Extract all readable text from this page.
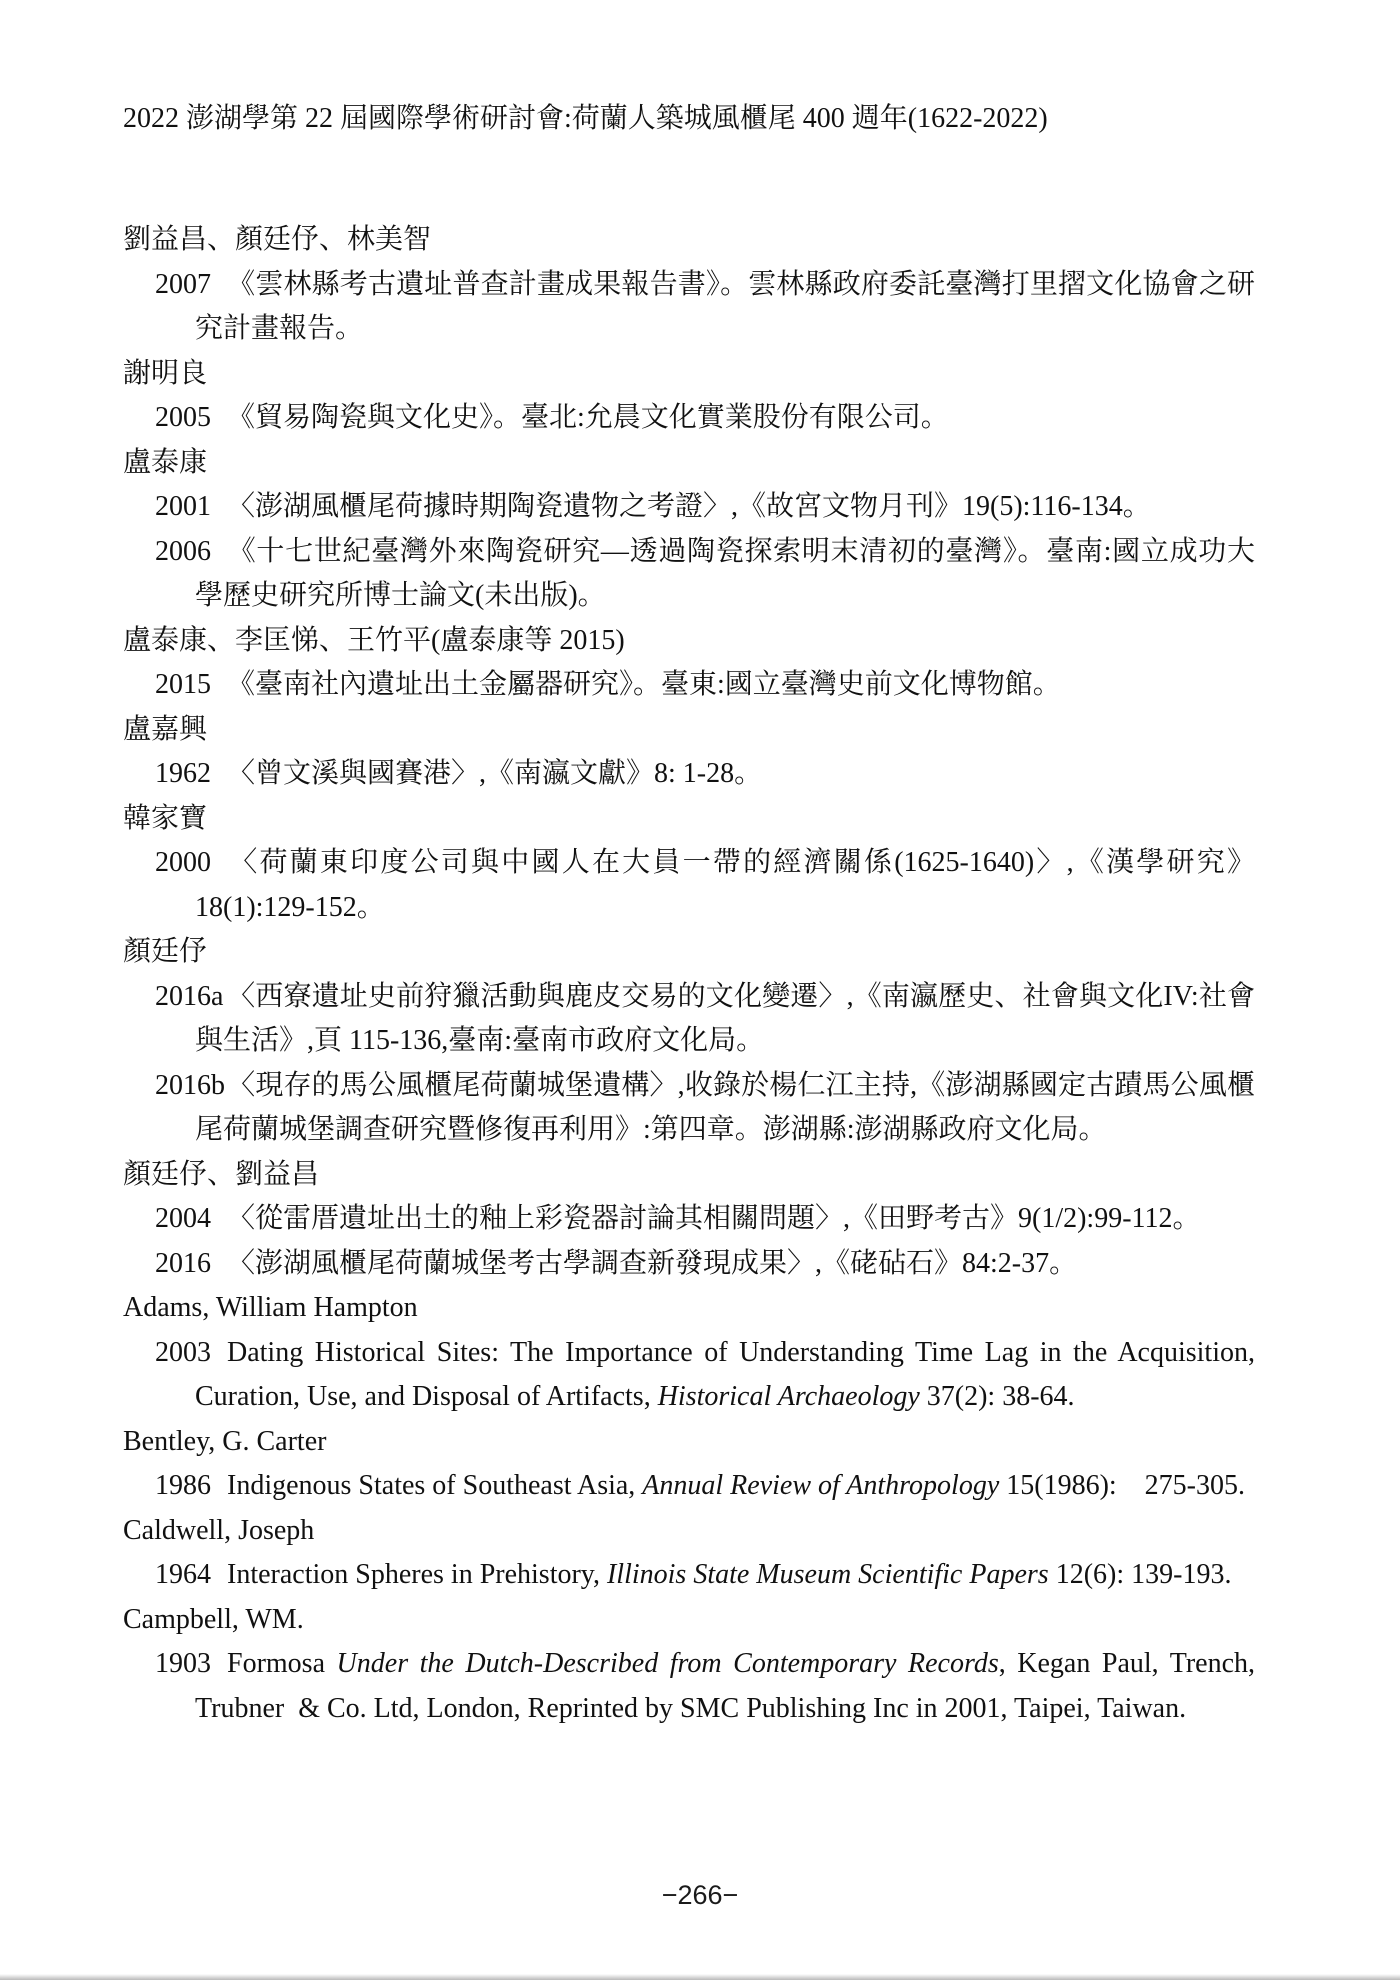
2022 澎湖學第 22 屆國際學術研討會:荷蘭人築城風櫃尾 400 週年(1622-2022)
劉益昌、顏廷伃、林美智
2007 《雲林縣考古遺址普查計畫成果報告書》。雲林縣政府委託臺灣打里摺文化協會之研究計畫報告。
謝明良
2005 《貿易陶瓷與文化史》。臺北:允晨文化實業股份有限公司。
盧泰康
2001 〈澎湖風櫃尾荷據時期陶瓷遺物之考證〉,《故宮文物月刊》19(5):116-134。
2006 《十七世紀臺灣外來陶瓷研究—透過陶瓷探索明末清初的臺灣》。臺南:國立成功大學歷史研究所博士論文(未出版)。
盧泰康、李匡悌、王竹平(盧泰康等 2015)
2015 《臺南社內遺址出土金屬器研究》。臺東:國立臺灣史前文化博物館。
盧嘉興
1962 〈曾文溪與國賽港〉,《南瀛文獻》8: 1-28。
韓家寶
2000 〈荷蘭東印度公司與中國人在大員一帶的經濟關係(1625-1640)〉,《漢學研究》18(1):129-152。
顏廷伃
2016a 〈西寮遺址史前狩獵活動與鹿皮交易的文化變遷〉,《南瀛歷史、社會與文化IV:社會與生活》,頁 115-136,臺南:臺南市政府文化局。
2016b〈現存的馬公風櫃尾荷蘭城堡遺構〉,收錄於楊仁江主持,《澎湖縣國定古蹟馬公風櫃尾荷蘭城堡調查研究暨修復再利用》:第四章。澎湖縣:澎湖縣政府文化局。
顏廷伃、劉益昌
2004 〈從雷厝遺址出土的釉上彩瓷器討論其相關問題〉,《田野考古》9(1/2):99-112。
2016 〈澎湖風櫃尾荷蘭城堡考古學調查新發現成果〉,《硓砧石》84:2-37。
Adams, William Hampton
2003 Dating Historical Sites: The Importance of Understanding Time Lag in the Acquisition, Curation, Use, and Disposal of Artifacts, Historical Archaeology 37(2): 38-64.
Bentley, G. Carter
1986 Indigenous States of Southeast Asia, Annual Review of Anthropology 15(1986): 275-305.
Caldwell, Joseph
1964 Interaction Spheres in Prehistory, Illinois State Museum Scientific Papers 12(6): 139-193.
Campbell, WM.
1903 Formosa Under the Dutch-Described from Contemporary Records, Kegan Paul, Trench, Trubner & Co. Ltd, London, Reprinted by SMC Publishing Inc in 2001, Taipei, Taiwan.
−266−
